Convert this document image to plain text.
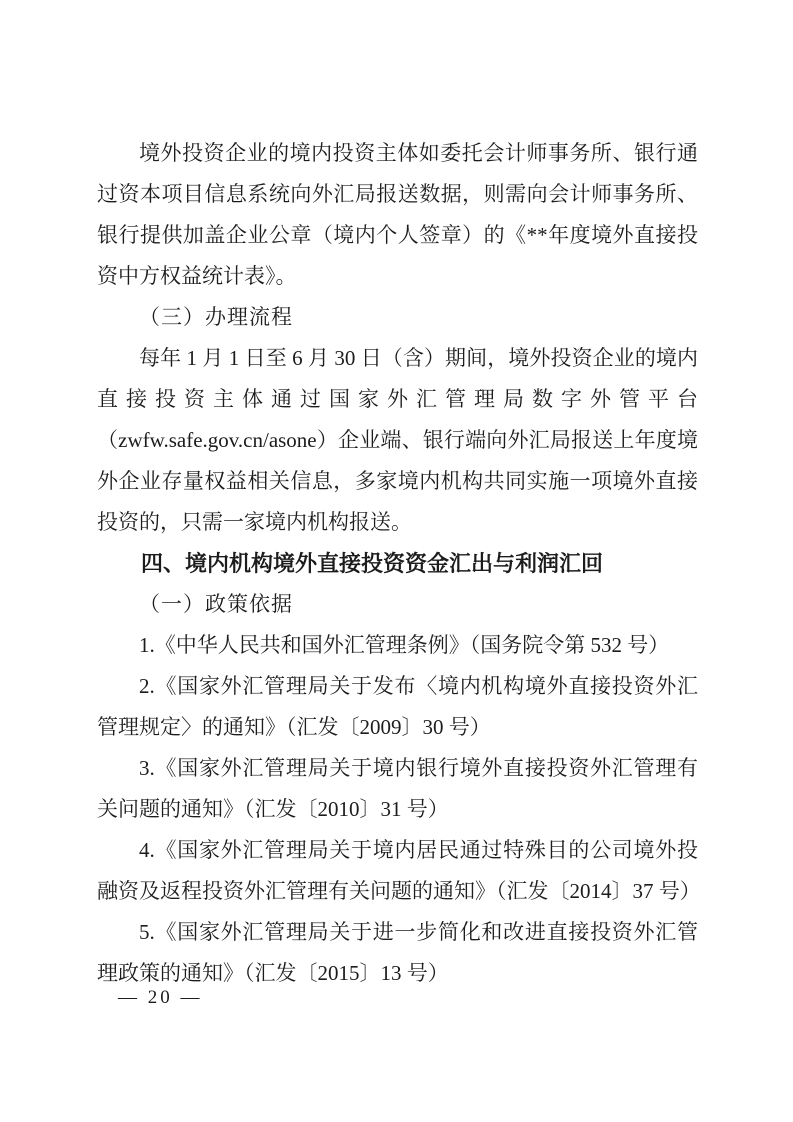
境外投资企业的境内投资主体如委托会计师事务所、银行通过资本项目信息系统向外汇局报送数据，则需向会计师事务所、银行提供加盖企业公章（境内个人签章）的《**年度境外直接投资中方权益统计表》。

（三）办理流程

每年 1 月 1 日至 6 月 30 日（含）期间，境外投资企业的境内直接投资主体通过国家外汇管理局数字外管平台（zwfw.safe.gov.cn/asone）企业端、银行端向外汇局报送上年度境外企业存量权益相关信息，多家境内机构共同实施一项境外直接投资的，只需一家境内机构报送。

四、境内机构境外直接投资资金汇出与利润汇回

（一）政策依据

1.《中华人民共和国外汇管理条例》（国务院令第 532 号）

2.《国家外汇管理局关于发布〈境内机构境外直接投资外汇管理规定〉的通知》（汇发〔2009〕30 号）

3.《国家外汇管理局关于境内银行境外直接投资外汇管理有关问题的通知》（汇发〔2010〕31 号）

4.《国家外汇管理局关于境内居民通过特殊目的公司境外投融资及返程投资外汇管理有关问题的通知》（汇发〔2014〕37 号）

5.《国家外汇管理局关于进一步简化和改进直接投资外汇管理政策的通知》（汇发〔2015〕13 号）

— 20 —
